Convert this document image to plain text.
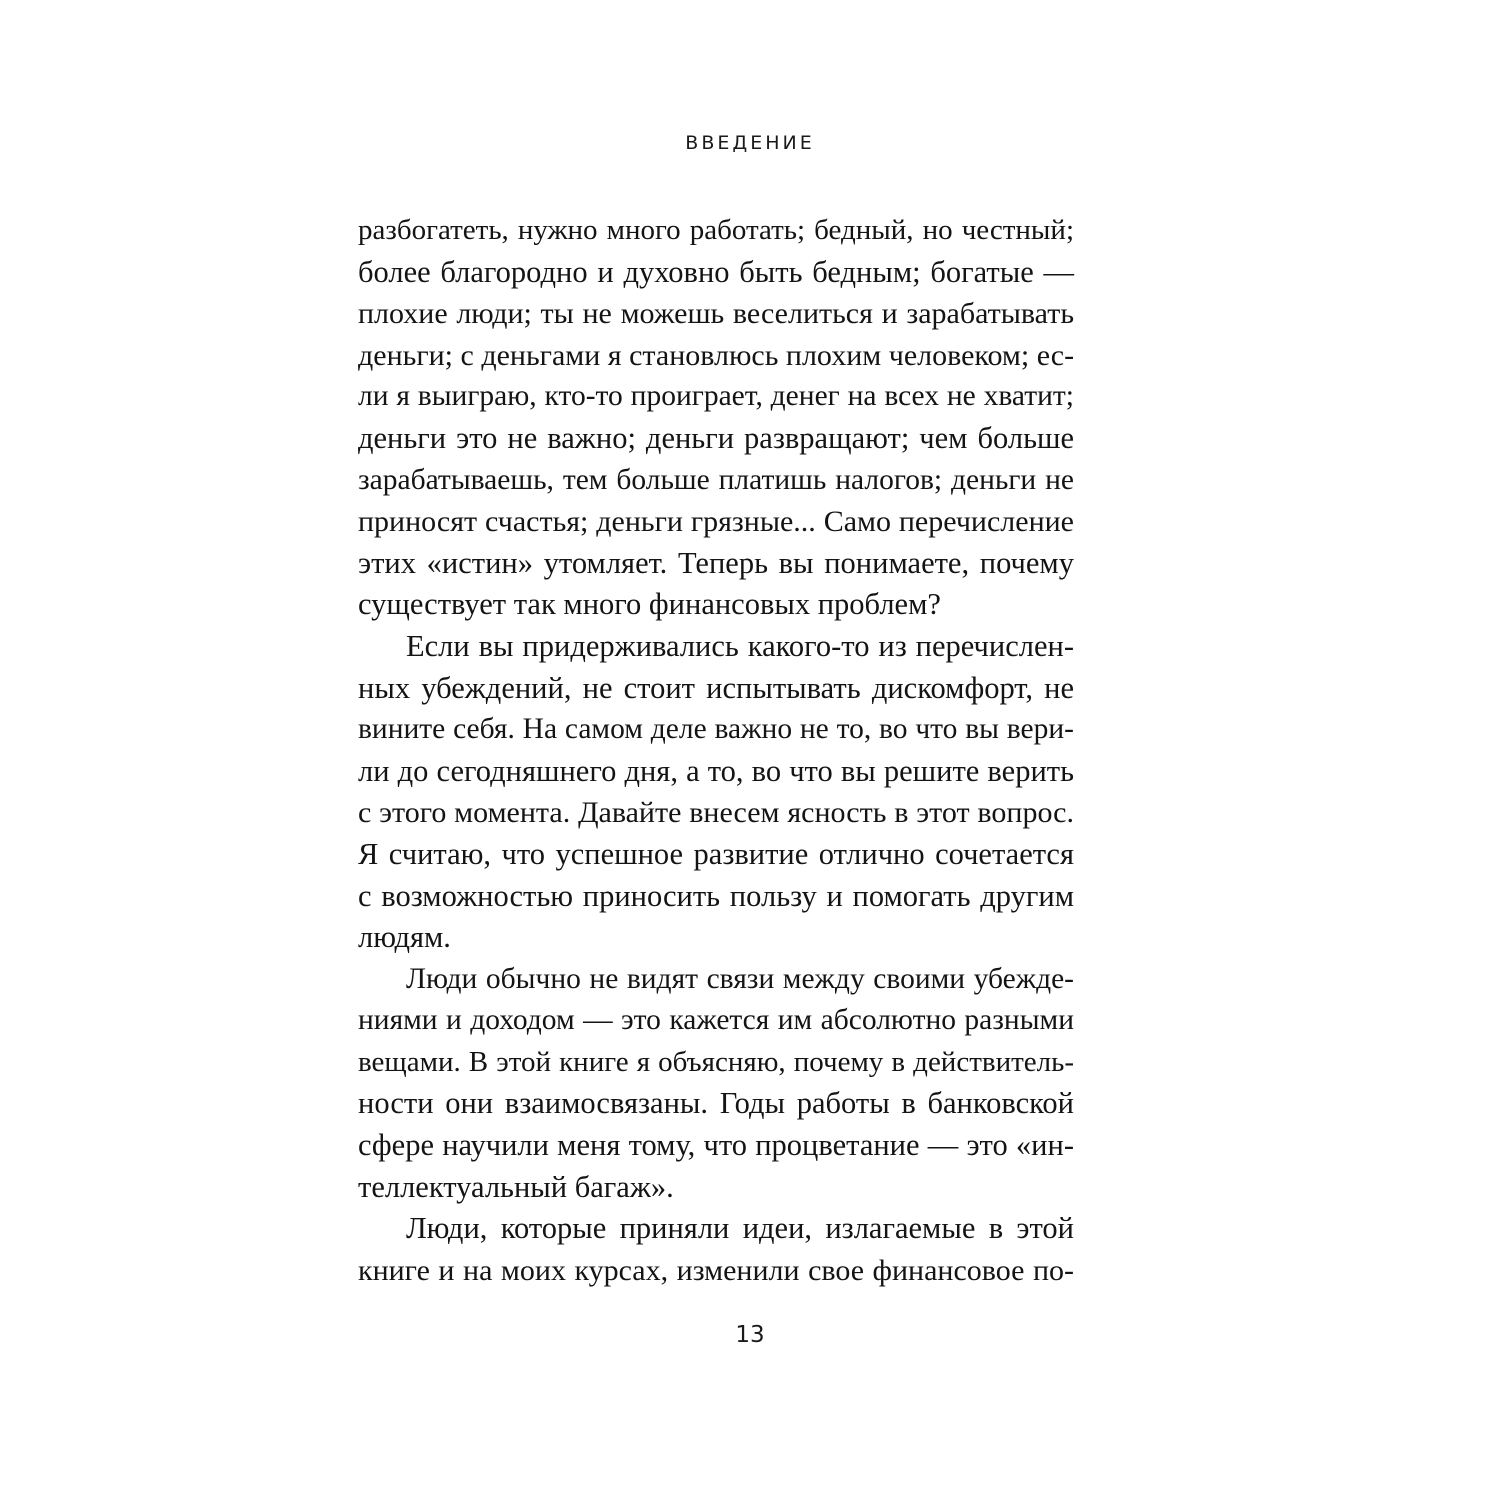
ВВЕДЕНИЕ
разбогатеть, нужно много работать; бедный, но честный;
более благородно и духовно быть бедным; богатые —
плохие люди; ты не можешь веселиться и зарабатывать
деньги; с деньгами я становлюсь плохим человеком; ес-
ли я выиграю, кто-то проиграет, денег на всех не хватит;
деньги это не важно; деньги развращают; чем больше
зарабатываешь, тем больше платишь налогов; деньги не
приносят счастья; деньги грязные... Само перечисление
этих «истин» утомляет. Теперь вы понимаете, почему
существует так много финансовых проблем?
Если вы придерживались какого-то из перечислен-
ных убеждений, не стоит испытывать дискомфорт, не
вините себя. На самом деле важно не то, во что вы вери-
ли до сегодняшнего дня, а то, во что вы решите верить
с этого момента. Давайте внесем ясность в этот вопрос.
Я считаю, что успешное развитие отлично сочетается
с возможностью приносить пользу и помогать другим
людям.
Люди обычно не видят связи между своими убежде-
ниями и доходом — это кажется им абсолютно разными
вещами. В этой книге я объясняю, почему в действитель-
ности они взаимосвязаны. Годы работы в банковской
сфере научили меня тому, что процветание — это «ин-
теллектуальный багаж».
Люди, которые приняли идеи, излагаемые в этой
книге и на моих курсах, изменили свое финансовое по-
13
